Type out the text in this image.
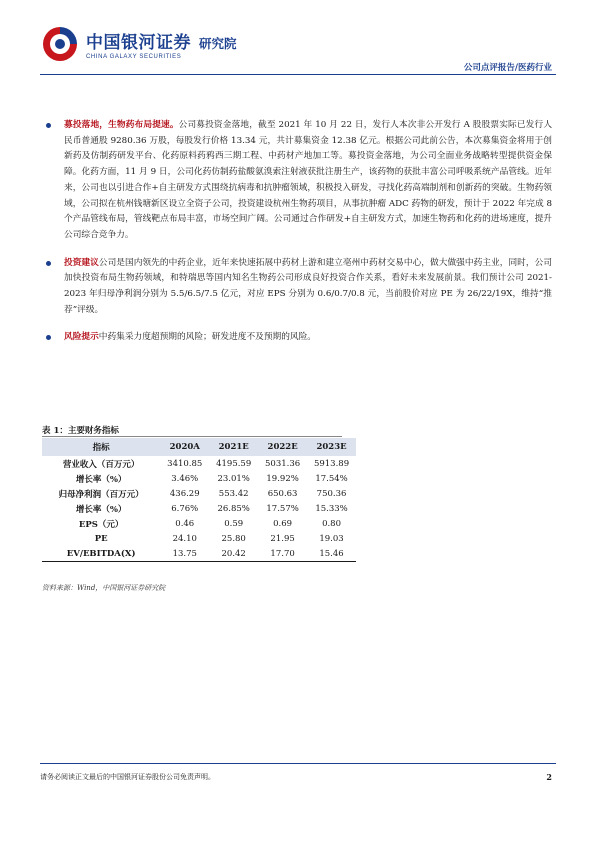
中国银河证券 研究院
CHINA GALAXY SECURITIES
公司点评报告/医药行业
募投落地，生物药布局提速。公司募投资金落地，截至 2021 年 10 月 22 日，发行人本次非公开发行 A 股股票实际已发行人民币普通股 9280.36 万股，每股发行价格 13.34 元，共计募集资金 12.38 亿元。根据公司此前公告，本次募集资金将用于创新药及仿制药研发平台、化药原料药鸦西三期工程、中药材产地加工等。募投资金落地，为公司全面业务战略转型提供资金保障。化药方面，11 月 9 日，公司化药仿制药盐酸氨溴索注射液获批注册生产，该药物的获批丰富公司呼吸系统产品管线。近年来，公司也以引进合作+自主研发方式围绕抗病毒和抗肿瘤领域，积极投入研发，寻找化药高端制剂和创新药的突破。生物药领域，公司拟在杭州钱塘新区设立全资子公司，投资建设杭州生物药项目，从事抗肿瘤 ADC 药物的研发，预计于 2022 年完成 8 个产品管线布局，管线靶点布局丰富，市场空间广阔。公司通过合作研发+自主研发方式，加速生物药和化药的进场速度，提升公司综合竞争力。
投资建议公司是国内领先的中药企业，近年来快速拓展中药材上游和建立亳州中药材交易中心，做大做强中药主业，同时，公司加快投资布局生物药领域，和特瑞思等国内知名生物药公司形成良好投资合作关系，看好未来发展前景。我们预计公司 2021-2023 年归母净利润分别为 5.5/6.5/7.5 亿元，对应 EPS 分别为 0.6/0.7/0.8 元，当前股价对应 PE 为 26/22/19X，维持“推荐”评级。
风险提示中药集采力度超预期的风险；研发进度不及预期的风险。
表 1：主要财务指标
指标	2020A	2021E	2022E	2023E
营业收入（百万元）	3410.85	4195.59	5031.36	5913.89
增长率（%）	3.46%	23.01%	19.92%	17.54%
归母净利润（百万元）	436.29	553.42	650.63	750.36
增长率（%）	6.76%	26.85%	17.57%	15.33%
EPS（元）	0.46	0.59	0.69	0.80
PE	24.10	25.80	21.95	19.03
EV/EBITDA(X)	13.75	20.42	17.70	15.46
资料来源：Wind，中国银河证券研究院
请务必阅读正文最后的中国银河证券股份公司免责声明。	2
